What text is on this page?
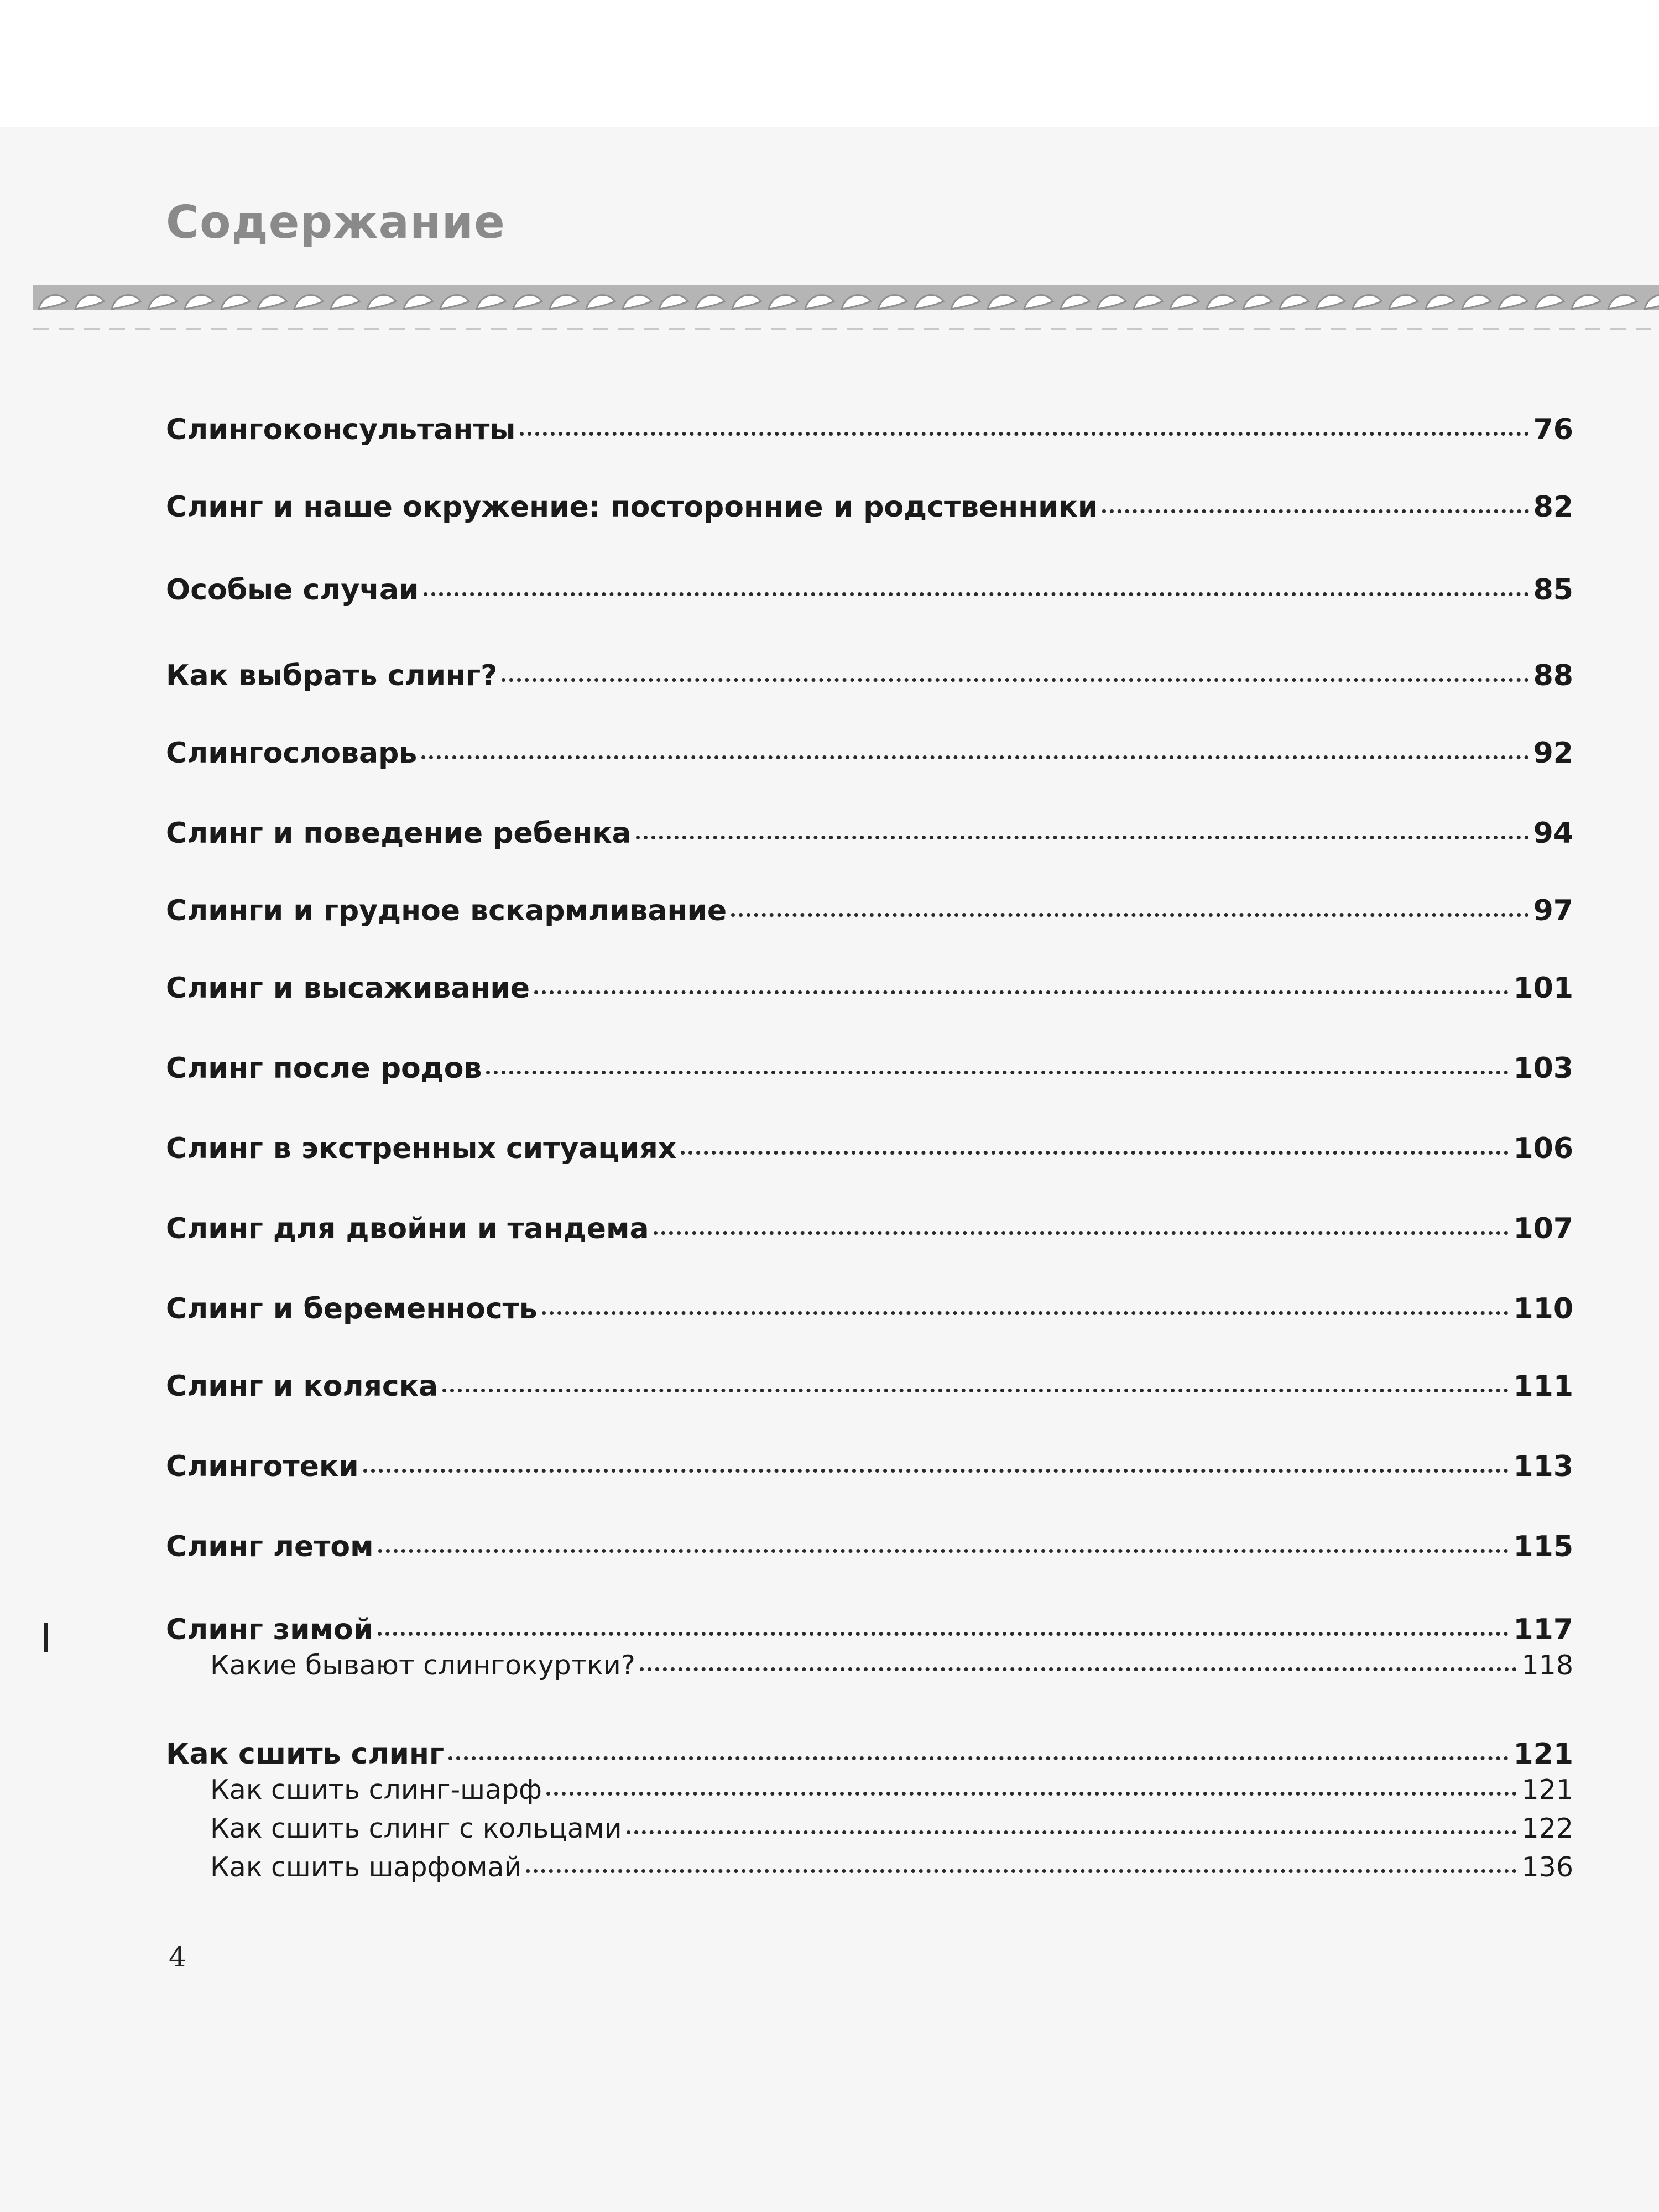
Содержание
Слингоконсультанты	76
Слинг и наше окружение: посторонние и родственники	82
Особые случаи	85
Как выбрать слинг?	88
Слингословарь	92
Слинг и поведение ребенка	94
Слинги и грудное вскармливание	97
Слинг и высаживание	101
Слинг после родов	103
Слинг в экстренных ситуациях	106
Слинг для двойни и тандема	107
Слинг и беременность	110
Слинг и коляска	111
Слинготеки	113
Слинг летом	115
Слинг зимой	117
Какие бывают слингокуртки?	118
Как сшить слинг	121
Как сшить слинг-шарф	121
Как сшить слинг с кольцами	122
Как сшить шарфомай	136
4
